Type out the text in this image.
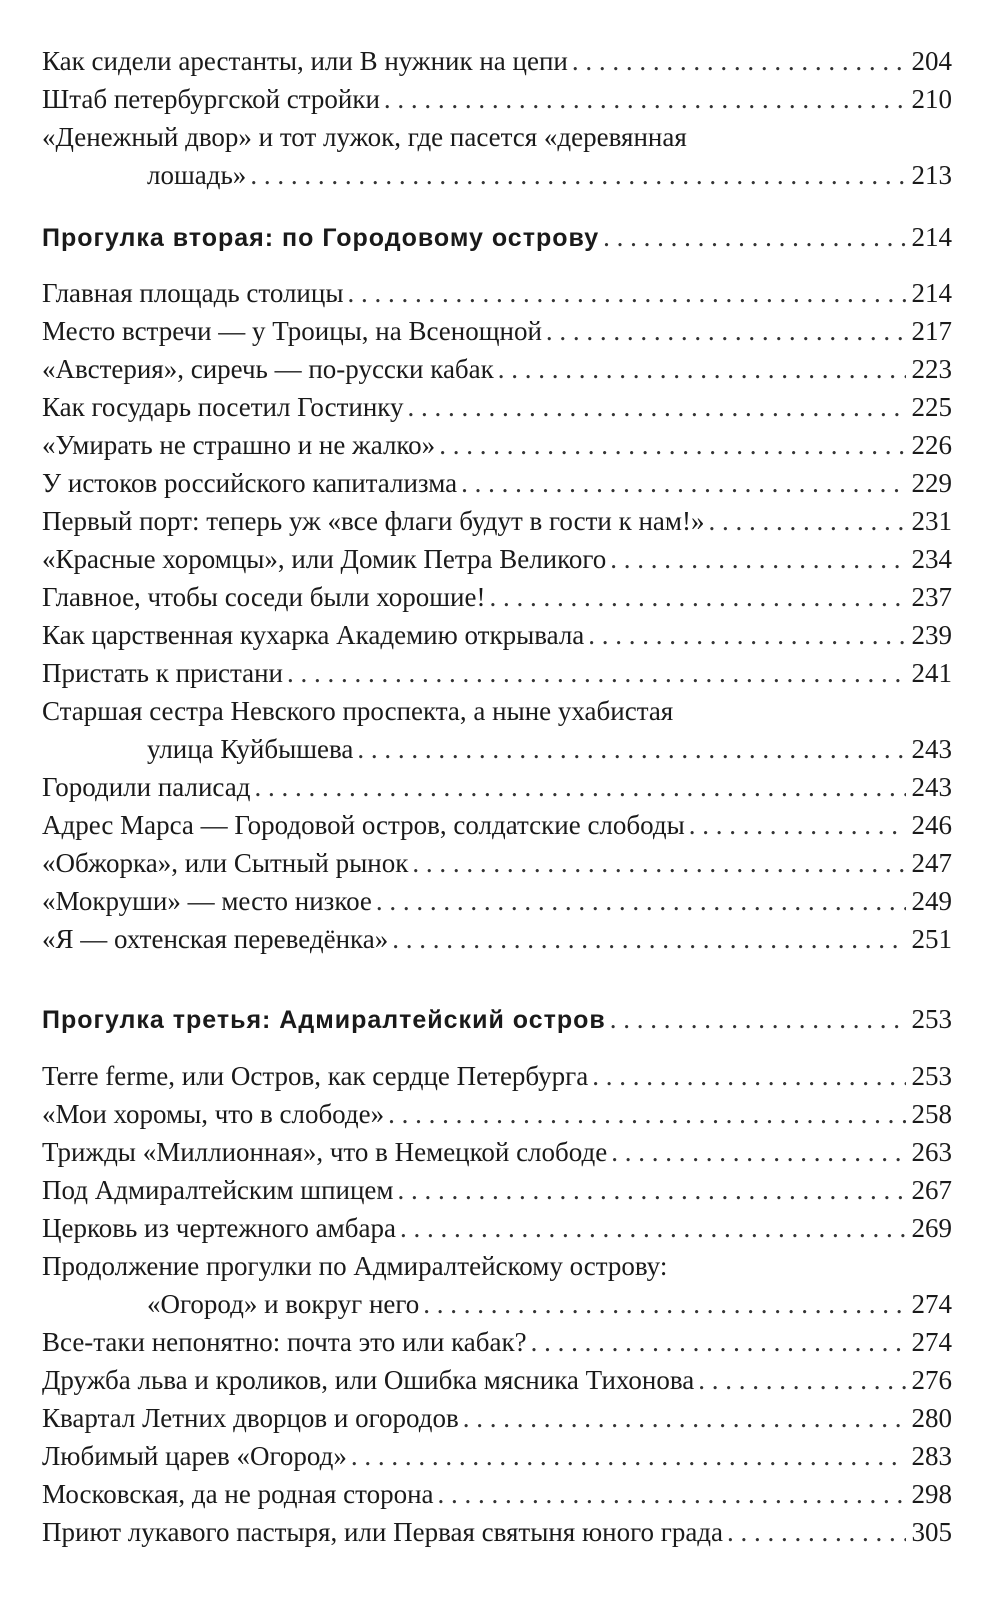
Как сидели арестанты, или В нужник на цепи . . .	204
Штаб петербургской стройки . . .	210
«Денежный двор» и тот лужок, где пасется «деревянная
лошадь» . . .	213
Прогулка вторая: по Городовому острову . . .	214
Главная площадь столицы . . .	214
Место встречи — у Троицы, на Всенощной . . .	217
«Австерия», сиречь — по-русски кабак . . .	223
Как государь посетил Гостинку . . .	225
«Умирать не страшно и не жалко» . . .	226
У истоков российского капитализма . . .	229
Первый порт: теперь уж «все флаги будут в гости к нам!» . . .	231
«Красные хоромцы», или Домик Петра Великого . . .	234
Главное, чтобы соседи были хорошие! . . .	237
Как царственная кухарка Академию открывала . . .	239
Пристать к пристани . . .	241
Старшая сестра Невского проспекта, а ныне ухабистая
улица Куйбышева . . .	243
Городили палисад . . .	243
Адрес Марса — Городовой остров, солдатские слободы . . .	246
«Обжорка», или Сытный рынок . . .	247
«Мокруши» — место низкое . . .	249
«Я — охтенская переведёнка» . . .	251
Прогулка третья: Адмиралтейский остров . . .	253
Terre ferme, или Остров, как сердце Петербурга . . .	253
«Мои хоромы, что в слободе» . . .	258
Трижды «Миллионная», что в Немецкой слободе . . .	263
Под Адмиралтейским шпицем . . .	267
Церковь из чертежного амбара . . .	269
Продолжение прогулки по Адмиралтейскому острову:
«Огород» и вокруг него . . .	274
Все-таки непонятно: почта это или кабак? . . .	274
Дружба льва и кроликов, или Ошибка мясника Тихонова . . .	276
Квартал Летних дворцов и огородов . . .	280
Любимый царев «Огород» . . .	283
Московская, да не родная сторона . . .	298
Приют лукавого пастыря, или Первая святыня юного града . . .	305
